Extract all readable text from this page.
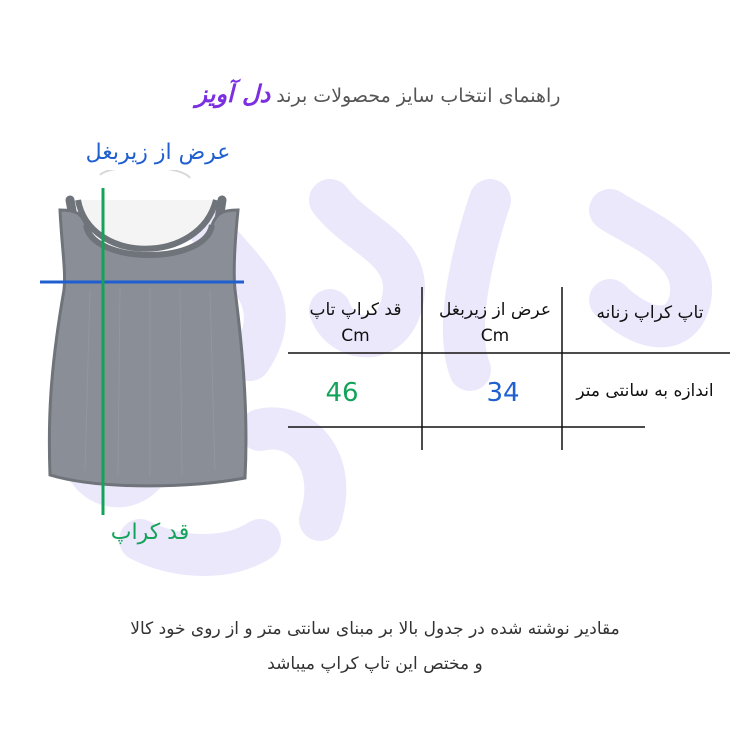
راهنمای انتخاب سایز محصولات برند دل آویز
عرض از زیربغل
قد کراپ
تاپ کراپ زنانه
عرض از زیربغل
Cm
قد کراپ تاپ
Cm
اندازه به سانتی متر
34
46
مقادیر نوشته شده در جدول بالا بر مبنای سانتی متر و از روی خود کالا
و مختص این تاپ کراپ میباشد
